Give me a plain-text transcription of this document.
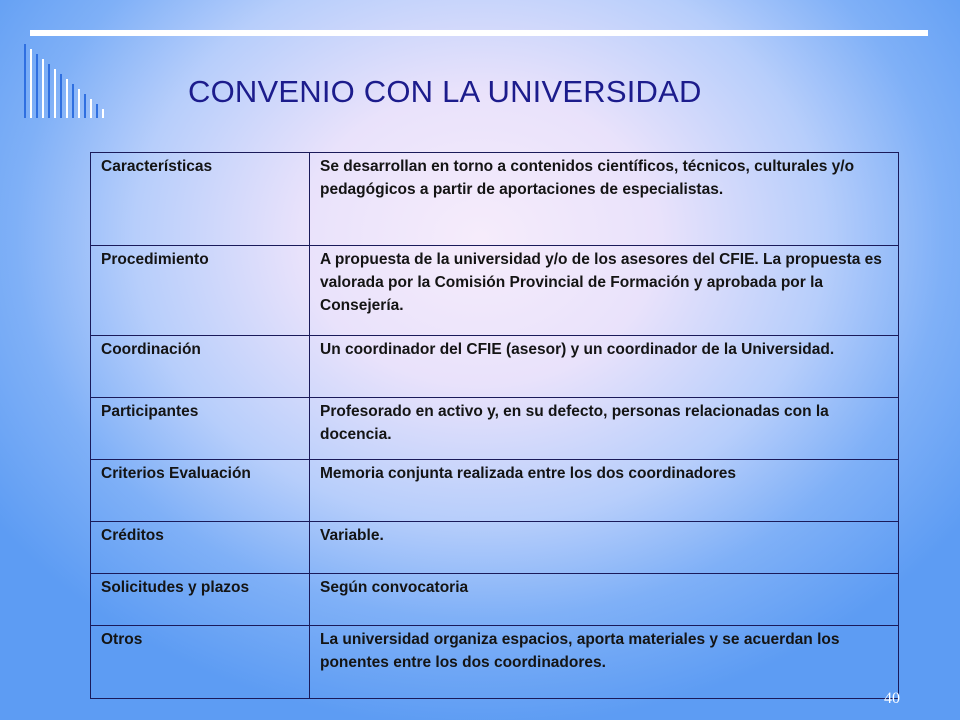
CONVENIO CON LA UNIVERSIDAD
Características	Se desarrollan en torno a contenidos científicos, técnicos, culturales y/o pedagógicos a partir de aportaciones de especialistas.
Procedimiento	A propuesta de la universidad y/o de los asesores del CFIE. La propuesta es valorada por la Comisión Provincial de Formación y aprobada por la Consejería.
Coordinación	Un coordinador del CFIE (asesor) y un coordinador de la Universidad.
Participantes	Profesorado en activo y, en su defecto, personas relacionadas con la docencia.
Criterios Evaluación	Memoria conjunta realizada entre los dos coordinadores
Créditos	Variable.
Solicitudes y plazos	Según convocatoria
Otros	La universidad organiza espacios, aporta materiales y se acuerdan los ponentes entre los dos coordinadores.
40
